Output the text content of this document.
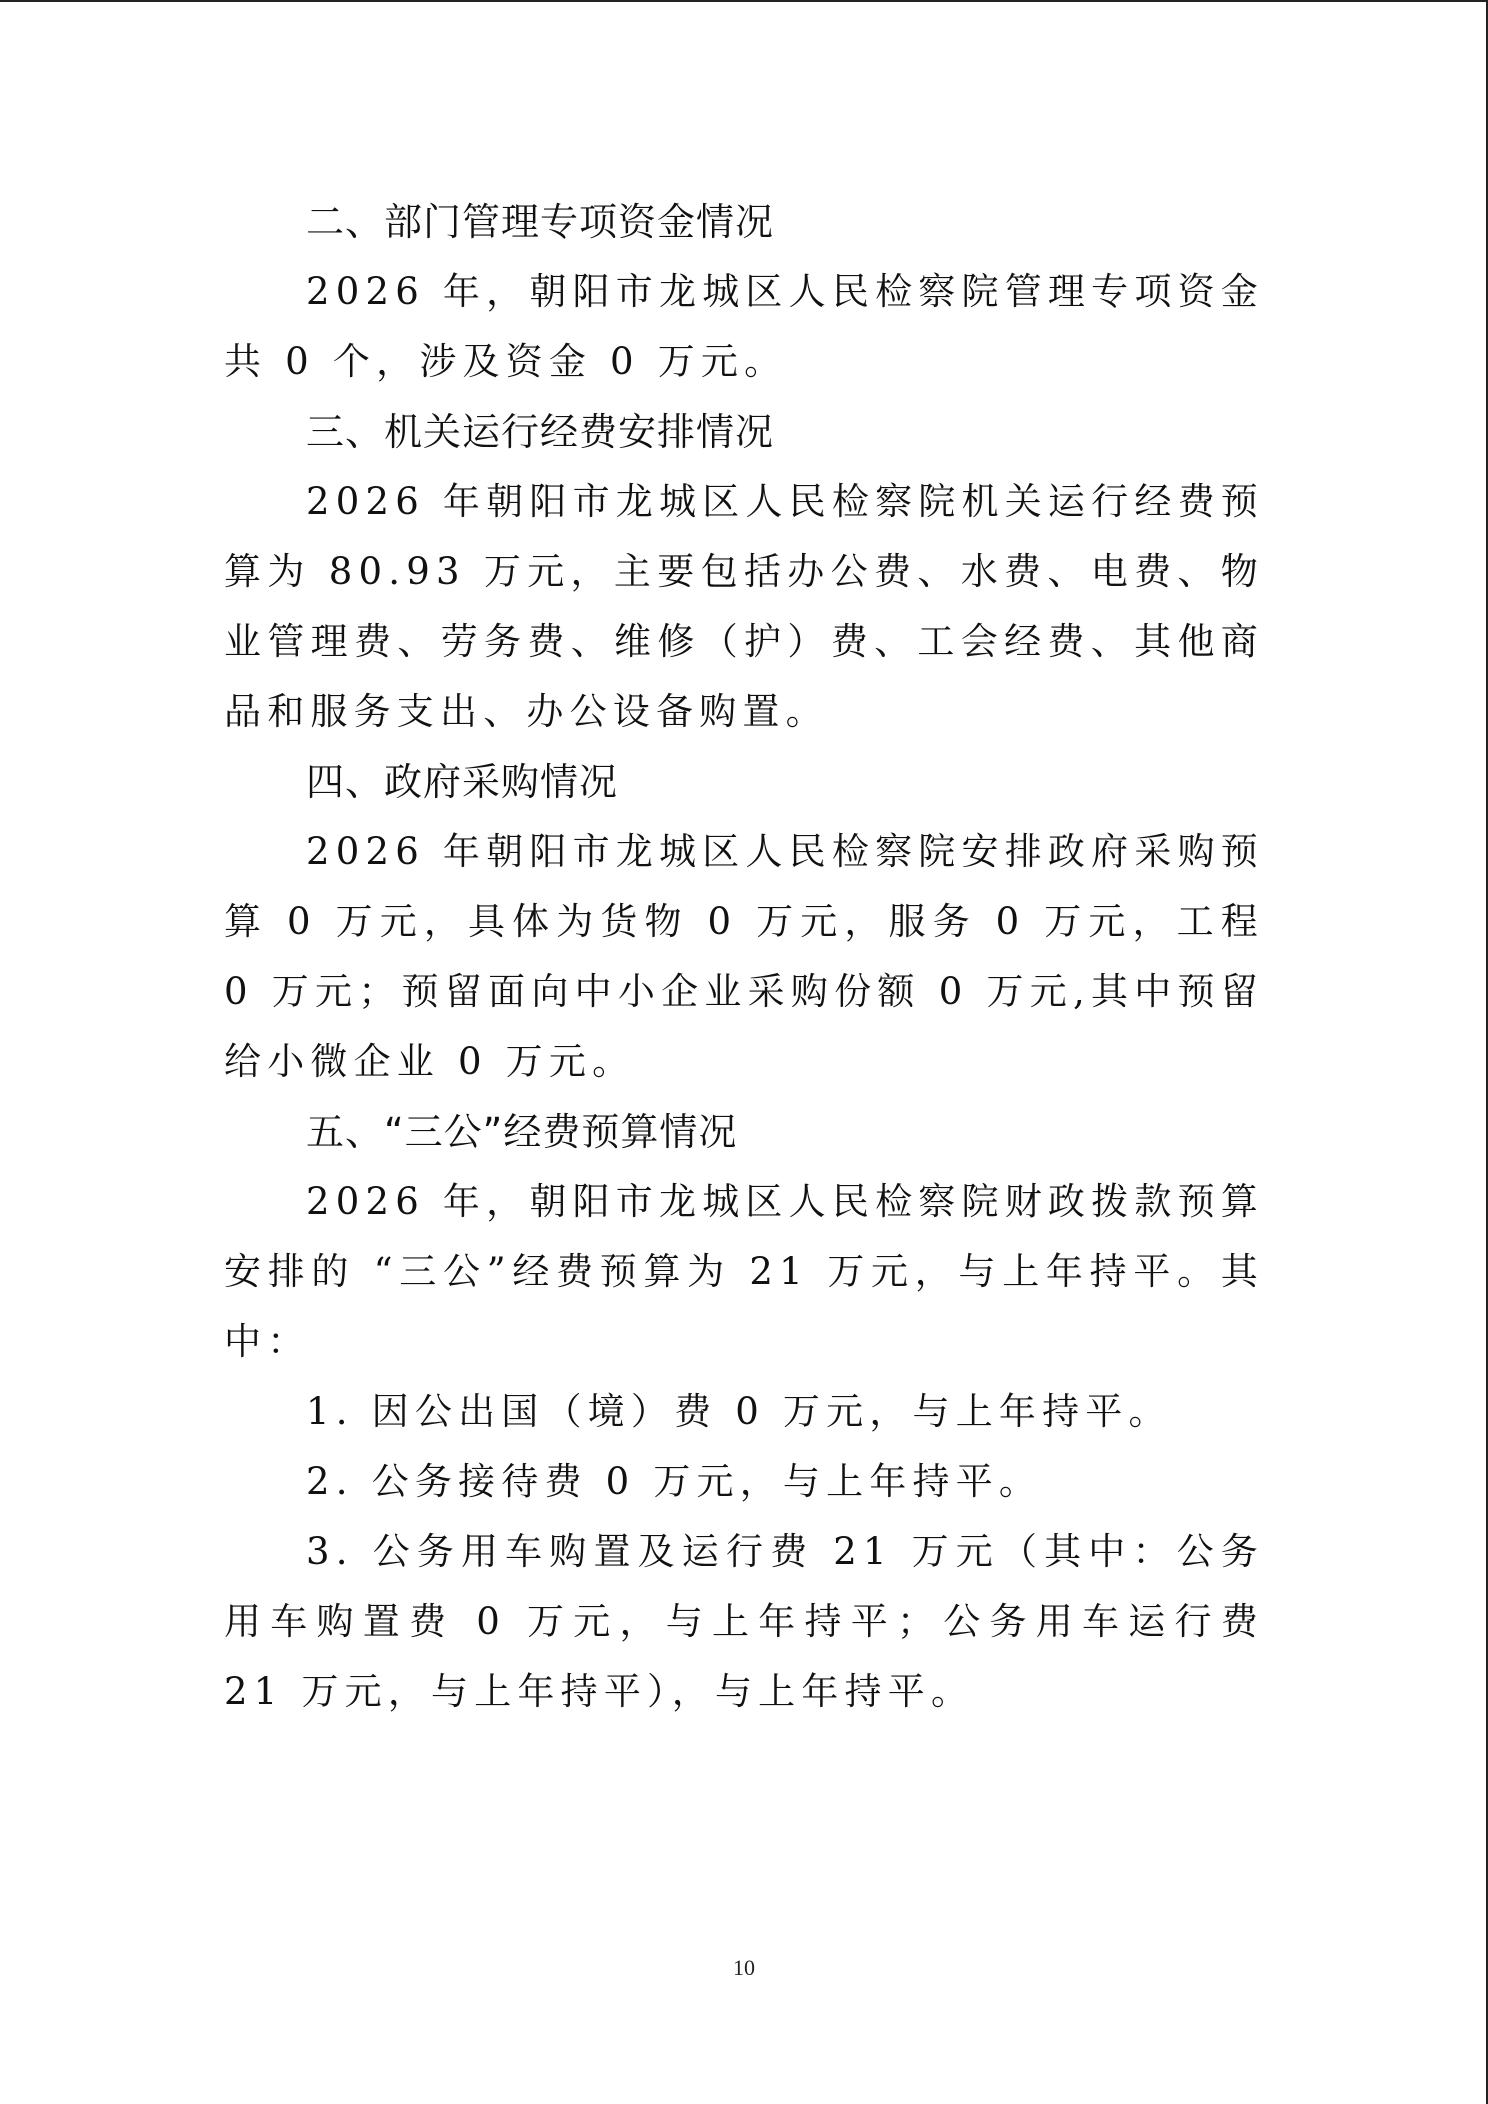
二、部门管理专项资金情况

2026 年，朝阳市龙城区人民检察院管理专项资金共 0 个，涉及资金 0 万元。

三、机关运行经费安排情况

2026 年朝阳市龙城区人民检察院机关运行经费预算为 80.93 万元，主要包括办公费、水费、电费、物业管理费、劳务费、维修（护）费、工会经费、其他商品和服务支出、办公设备购置。

四、政府采购情况

2026 年朝阳市龙城区人民检察院安排政府采购预算 0 万元，具体为货物 0 万元，服务 0 万元，工程 0 万元；预留面向中小企业采购份额 0 万元,其中预留给小微企业 0 万元。

五、“三公”经费预算情况

2026 年，朝阳市龙城区人民检察院财政拨款预算安排的 “三公”经费预算为 21 万元，与上年持平。其中：

1. 因公出国（境）费 0 万元，与上年持平。

2. 公务接待费 0 万元，与上年持平。

3. 公务用车购置及运行费 21 万元（其中：公务用车购置费 0 万元，与上年持平；公务用车运行费 21 万元，与上年持平），与上年持平。

10
